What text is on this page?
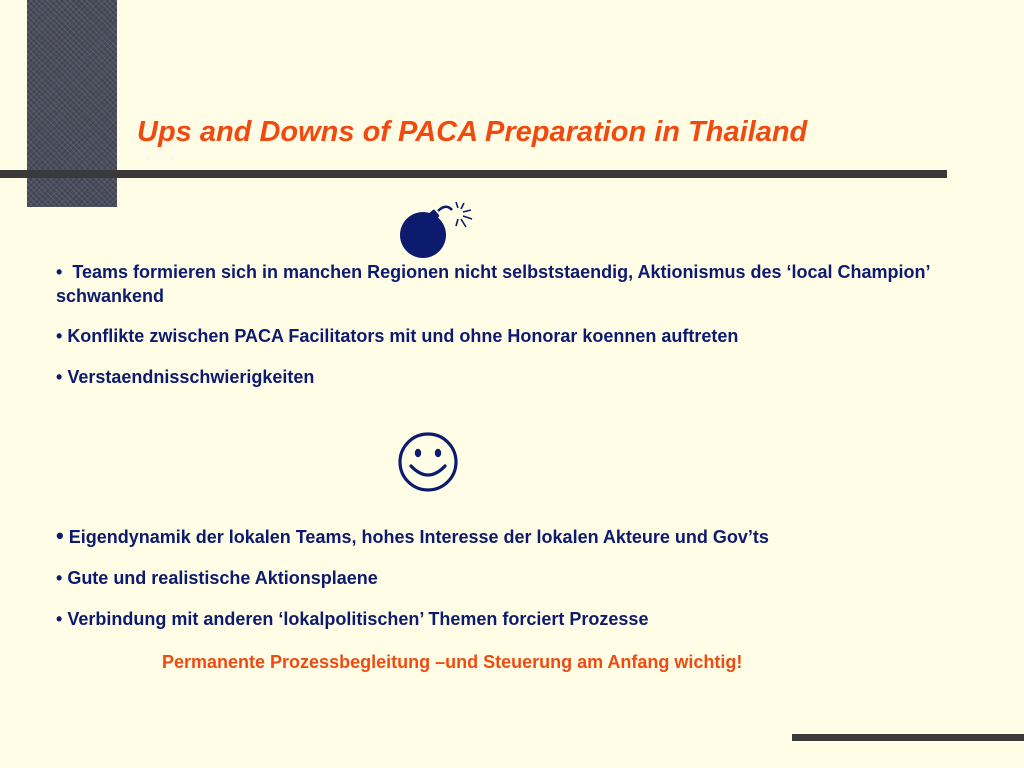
Ups and Downs of PACA Preparation in Thailand
• Teams formieren sich in manchen Regionen nicht selbststaendig, Aktionismus des ‘local Champion’ schwankend
• Konflikte zwischen PACA Facilitators mit und ohne Honorar koennen auftreten
• Verstaendnisschwierigkeiten
• Eigendynamik der lokalen Teams, hohes Interesse der lokalen Akteure und Gov’ts
• Gute und realistische Aktionsplaene
• Verbindung mit anderen ‘lokalpolitischen’ Themen forciert Prozesse

Permanente Prozessbegleitung –und Steuerung am Anfang wichtig!
